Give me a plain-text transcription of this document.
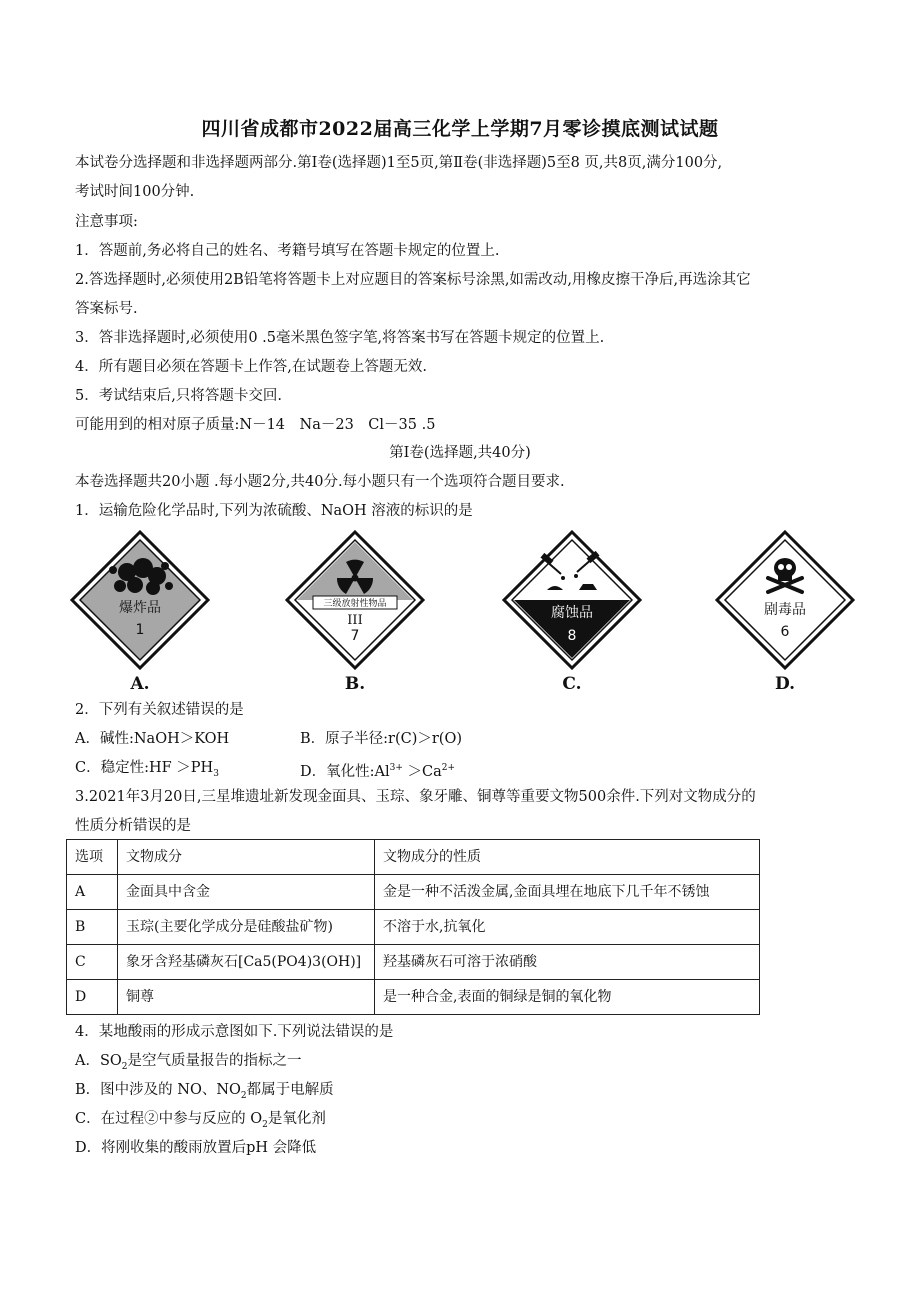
四川省成都市2022届高三化学上学期7月零诊摸底测试试题
本试卷分选择题和非选择题两部分.第Ⅰ卷(选择题)1至5页,第Ⅱ卷(非选择题)5至8 页,共8页,满分100分,
考试时间100分钟.
注意事项:
1．答题前,务必将自己的姓名、考籍号填写在答题卡规定的位置上.
2.答选择题时,必须使用2B铅笔将答题卡上对应题目的答案标号涂黑,如需改动,用橡皮擦干净后,再选涂其它
答案标号.
3．答非选择题时,必须使用0 .5毫米黑色签字笔,将答案书写在答题卡规定的位置上.
4．所有题目必须在答题卡上作答,在试题卷上答题无效.
5．考试结束后,只将答题卡交回.
可能用到的相对原子质量:N－14　Na－23　Cl－35 .5
第Ⅰ卷(选择题,共40分)
本卷选择题共20小题 .每小题2分,共40分.每小题只有一个选项符合题目要求.
1．运输危险化学品时,下列为浓硫酸、NaOH 溶液的标识的是
爆炸品
1
A.
三级放射性物品
III
7
B.
腐蚀品
8
C.
剧毒品
6
D.
2．下列有关叙述错误的是
A．碱性:NaOH＞KOH	B．原子半径:r(C)＞r(O)
C．稳定性:HF $>PH_3$	D．氧化性$:Al^{3+} >Ca^{2+}$
3.2021年3月20日,三星堆遗址新发现金面具、玉琮、象牙雕、铜尊等重要文物500余件.下列对文物成分的
性质分析错误的是
选项	文物成分	文物成分的性质
A	金面具中含金	金是一种不活泼金属,金面具埋在地底下几千年不锈蚀
B	玉琮(主要化学成分是硅酸盐矿物)	不溶于水,抗氧化
C	象牙含羟基磷灰石[Ca5(PO4)3(OH)]	羟基磷灰石可溶于浓硝酸
D	铜尊	是一种合金,表面的铜绿是铜的氧化物
4．某地酸雨的形成示意图如下.下列说法错误的是
A．$SO_2$是空气质量报告的指标之一
B．图中涉及的 NO、$NO_2$都属于电解质
C．在过程②中参与反应的 $O_2$是氧化剂
D．将刚收集的酸雨放置后pH 会降低
